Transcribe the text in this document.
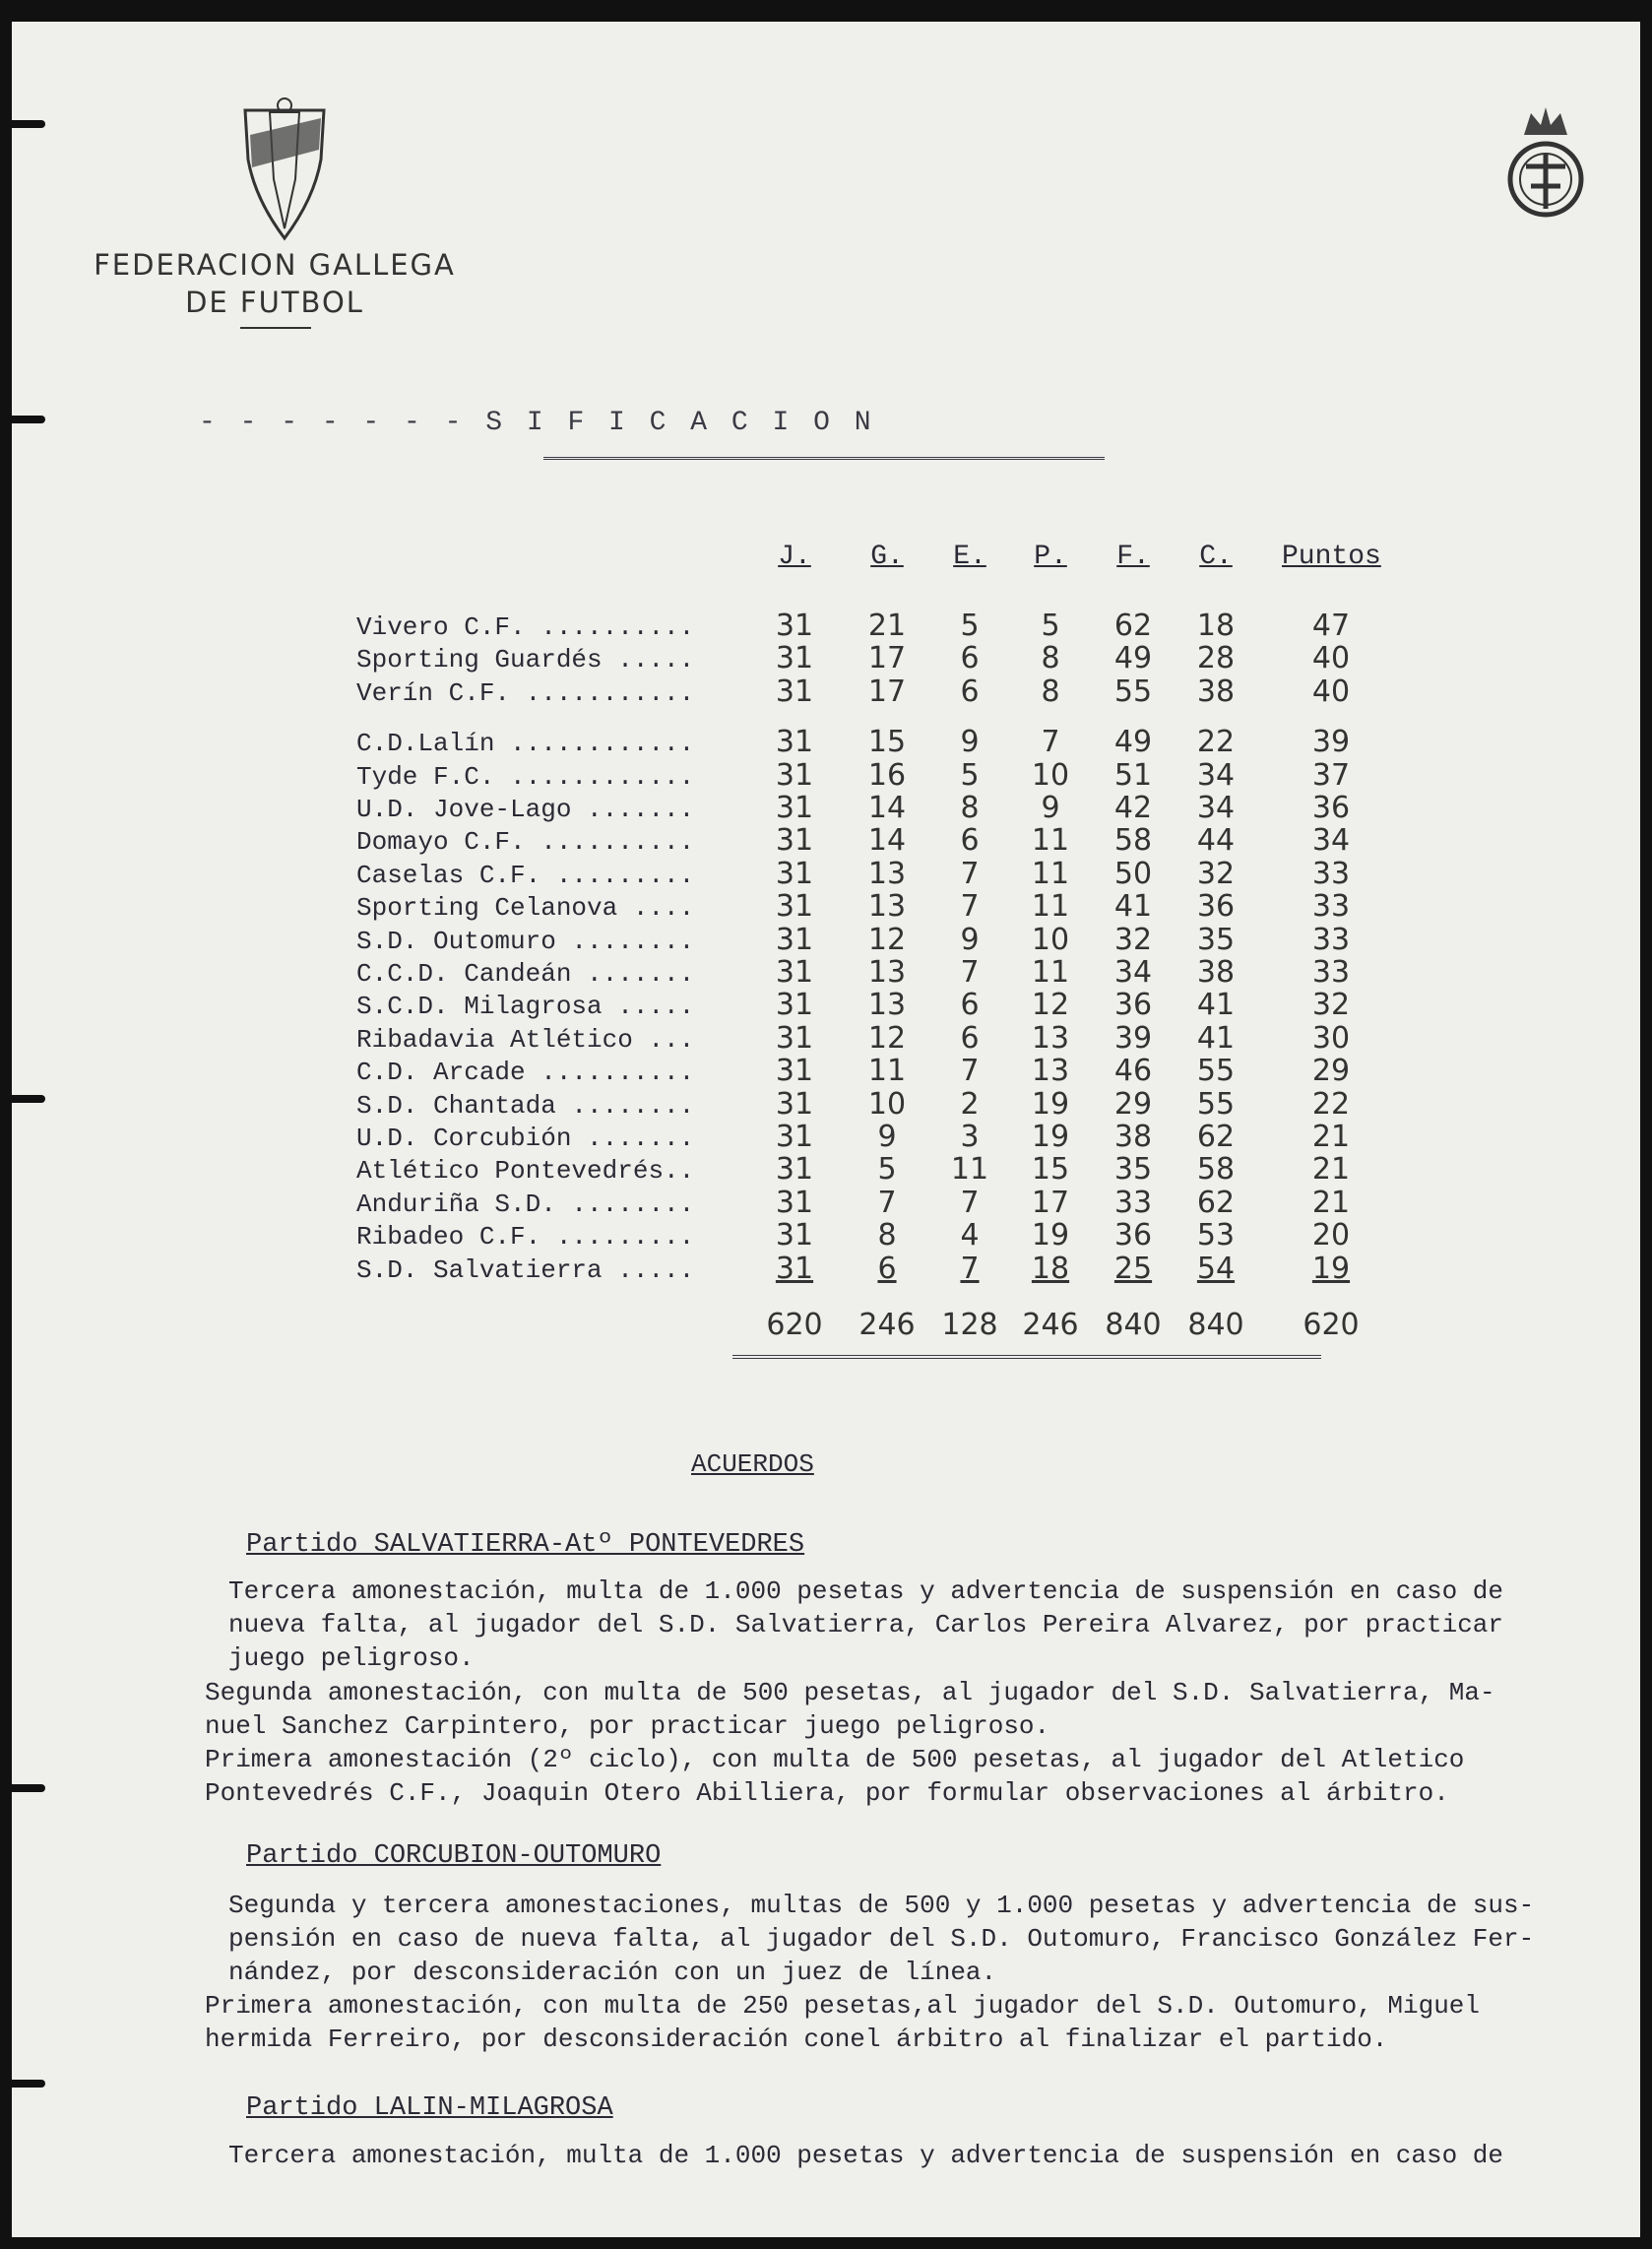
FEDERACION GALLEGA
DE FUTBOL
- - - - - - - S I F I C A C I O N
J.	G.	E.	P.	F.	C.	Puntos
Vivero C.F. ..........	31	21	5	5	62	18	47
Sporting Guardés .....	31	17	6	8	49	28	40
Verín C.F. ...........	31	17	6	8	55	38	40
C.D.Lalín ............	31	15	9	7	49	22	39
Tyde F.C. ............	31	16	5	10	51	34	37
U.D. Jove-Lago .......	31	14	8	9	42	34	36
Domayo C.F. ..........	31	14	6	11	58	44	34
Caselas C.F. .........	31	13	7	11	50	32	33
Sporting Celanova ....	31	13	7	11	41	36	33
S.D. Outomuro ........	31	12	9	10	32	35	33
C.C.D. Candeán .......	31	13	7	11	34	38	33
S.C.D. Milagrosa .....	31	13	6	12	36	41	32
Ribadavia Atlético ...	31	12	6	13	39	41	30
C.D. Arcade ..........	31	11	7	13	46	55	29
S.D. Chantada ........	31	10	2	19	29	55	22
U.D. Corcubión .......	31	9	3	19	38	62	21
Atlético Pontevedrés..	31	5	11	15	35	58	21
Anduriña S.D. ........	31	7	7	17	33	62	21
Ribadeo C.F. .........	31	8	4	19	36	53	20
S.D. Salvatierra .....	31	6	7	18	25	54	19
620 246 128 246 840 840	620
ACUERDOS
Partido SALVATIERRA-Atº PONTEVEDRES
Tercera amonestación, multa de 1.000 pesetas y advertencia de suspensión en caso de
nueva falta, al jugador del S.D. Salvatierra, Carlos Pereira Alvarez, por practicar
juego peligroso.
Segunda amonestación, con multa de 500 pesetas, al jugador del S.D. Salvatierra, Ma-
nuel Sanchez Carpintero, por practicar juego peligroso.
Primera amonestación (2º ciclo), con multa de 500 pesetas, al jugador del Atletico
Pontevedrés C.F., Joaquin Otero Abilliera, por formular observaciones al árbitro.
Partido CORCUBION-OUTOMURO
Segunda y tercera amonestaciones, multas de 500 y 1.000 pesetas y advertencia de sus-
pensión en caso de nueva falta, al jugador del S.D. Outomuro, Francisco González Fer-
nández, por desconsideración con un juez de línea.
Primera amonestación, con multa de 250 pesetas,al jugador del S.D. Outomuro, Miguel
hermida Ferreiro, por desconsideración conel árbitro al finalizar el partido.
Partido LALIN-MILAGROSA
Tercera amonestación, multa de 1.000 pesetas y advertencia de suspensión en caso de
